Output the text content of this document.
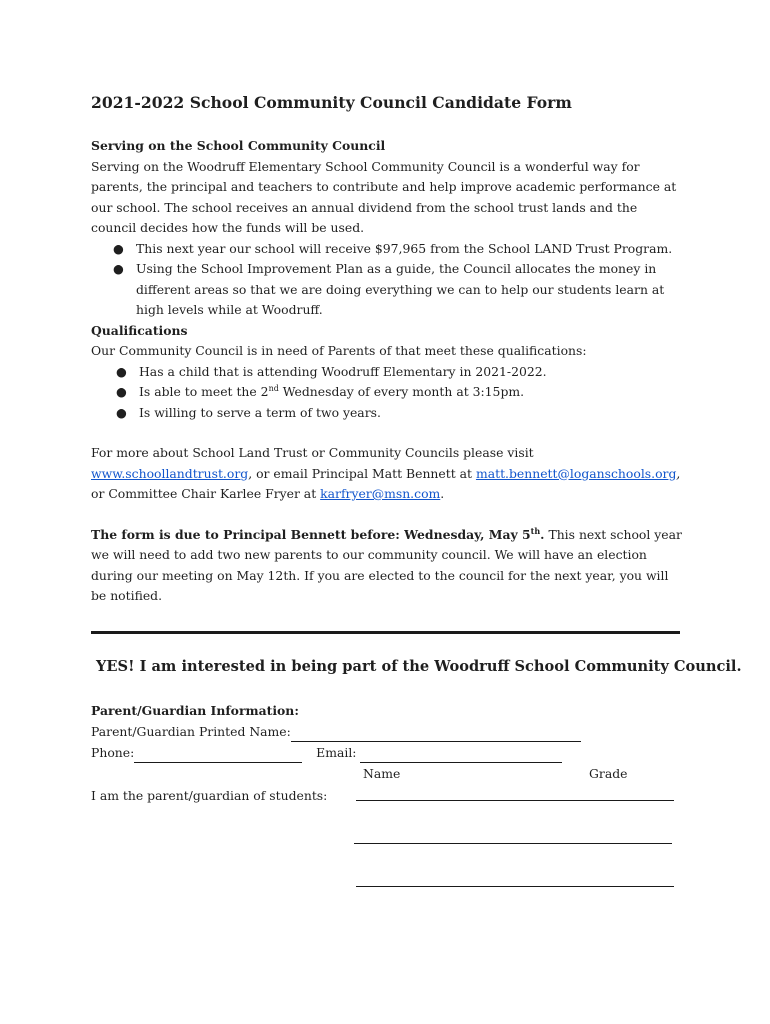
2021-2022 School Community Council Candidate Form

Serving on the School Community Council

Serving on the Woodruff Elementary School Community Council is a wonderful way for parents, the principal and teachers to contribute and help improve academic performance at our school. The school receives an annual dividend from the school trust lands and the council decides how the funds will be used.

● This next year our school will receive $97,965 from the School LAND Trust Program.
● Using the School Improvement Plan as a guide, the Council allocates the money in different areas so that we are doing everything we can to help our students learn at high levels while at Woodruff.

Qualifications

Our Community Council is in need of Parents of that meet these qualifications:

● Has a child that is attending Woodruff Elementary in 2021-2022.
● Is able to meet the 2nd Wednesday of every month at 3:15pm.
● Is willing to serve a term of two years.

For more about School Land Trust or Community Councils please visit
www.schoollandtrust.org, or email Principal Matt Bennett at matt.bennett@loganschools.org,
or Committee Chair Karlee Fryer at karfryer@msn.com.

The form is due to Principal Bennett before: Wednesday, May 5th. This next school year we will need to add two new parents to our community council. We will have an election during our meeting on May 12th. If you are elected to the council for the next year, you will be notified.

YES! I am interested in being part of the Woodruff School Community Council.
Parent/Guardian Information:
Parent/Guardian Printed Name:
Phone:	Email:
Name	Grade
I am the parent/guardian of students:
